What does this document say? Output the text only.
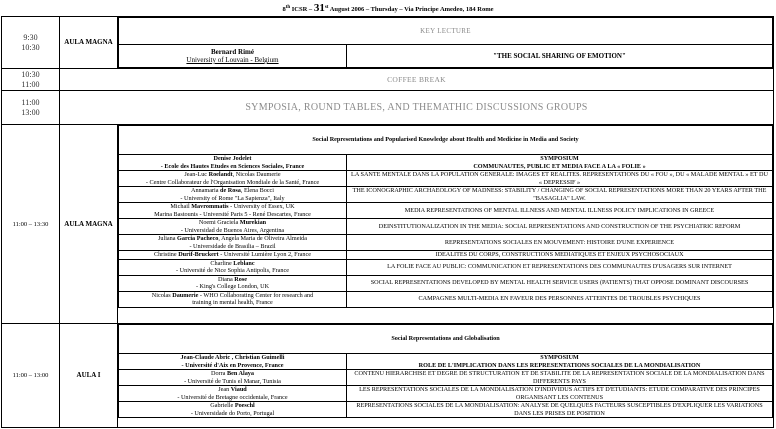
8th ICSR – 31st August 2006 – Thursday – Via Principe Amedeo, 184 Rome
9:30
10:30
	AULA MAGNA	
KEY LECTURE

Bernard Rimé
University of Louvain - Belgium
	"THE SOCIAL SHARING OF EMOTION"

10:30
11:00	COFFEE BREAK

11:00
13:00	SYMPOSIA, ROUND TABLES, AND THEMATHIC DISCUSSIONS GROUPS
11:00 – 13:30	AULA MAGNA	
Social Representations and Popularised Knowledge about Health and Medicine in Media and Society

Denise Jodelet
- Ecole des Hautes Etudes en Sciences Sociales, France

SYMPOSIUM
COMMUNAUTES, PUBLIC ET MEDIA FACE A LA « FOLIE »

Jean-Luc Roelandt, Nicolas Daumerie
- Centre Collaborateur de l'Organisation Mondiale de la Santé, France
	LA SANTE MENTALE DANS LA POPULATION GENERALE: IMAGES ET REALITES. REPRESENTATIONS DU « FOU », DU « MALADE MENTAL » ET DU « DEPRESSIF »

Annamaria de Rosa, Elena Bocci
- University of Rome "La Sapienza", Italy
	THE ICONOGRAPHIC ARCHAEOLOGY OF MADNESS: STABILITY / CHANGING OF SOCIAL REPRESENTATIONS MORE THAN 20 YEARS AFTER THE "BASAGLIA" LAW.

Michail Mavrommatis - University of Essex, UK
Marina Bastounis - Université Paris 5 - René Descartes, France
	MEDIA REPRESENTATIONS OF MENTAL ILLNESS AND MENTAL ILLNESS POLICY IMPLICATIONS IN GREECE

Noemi Graciela Murekian
- Universidad de Buenos Aires, Argentina
	DEINSTITUTIONALIZATION IN THE MEDIA: SOCIAL REPRESENTATIONS AND CONSTRUCTION OF THE PSYCHIATRIC REFORM

Juliana Garcia Pacheco, Angela Maria de Oliveira Almeida
- Universidade de Brasilia – Brazil
	REPRESENTATIONS SOCIALES EN MOUVEMENT: HISTOIRE D'UNE EXPERIENCE

Christine Durif-Bruckert - Université Lumière Lyon 2, France	IDEALITES DU CORPS, CONSTRUCTIONS MEDIATIQUES ET ENJEUX PSYCHOSOCIAUX

Charline Leblanc
- Université de Nice Sophia Antipolis, France
	LA FOLIE FACE AU PUBLIC: COMMUNICATION ET REPRESENTATIONS DES COMMUNAUTES D'USAGERS SUR INTERNET

Diana Rose
- King's College London, UK
	SOCIAL REPRESENTATIONS DEVELOPED BY MENTAL HEALTH SERVICE USERS (PATIENTS) THAT OPPOSE DOMINANT DISCOURSES

Nicolas Daumerie - WHO Collaborating Center for research and
training in mental health, France
	CAMPAGNES MULTI-MEDIA EN FAVEUR DES PERSONNES ATTEINTES DE TROUBLES PSYCHIQUES

11:00 – 13:00	AULA I	
Social Representations and Globalisation

Jean-Claude Abric , Christian Guimelli
- Université d'Aix en Provence, France

SYMPOSIUM
ROLE DE L'IMPLICATION DANS LES REPRESENTATIONS SOCIALES DE LA MONDIALISATION

Dorra Ben Alaya
- Université de Tunis el Manar, Tunisia
	CONTENU HIERARCHISE ET DEGRE DE STRUCTURATION ET DE STABILITE DE LA REPRESENTATION SOCIALE DE LA MONDIALISATION DANS DIFFERENTS PAYS

Jean Viaud
- Université de Bretagne occidentale, France
	LES REPRESENTATIONS SOCIALES DE LA MONDIALISATION D'INDIVIDUS ACTIFS ET D'ETUDIANTS: ETUDE COMPARATIVE DES PRINCIPES ORGANISANT LES CONTENUS

Gabrielle Poeschl
- Universidade do Porto, Portugal
	REPRESENTATIONS SOCIALES DE LA MONDIALISATION: ANALYSE DE QUELQUES FACTEURS SUSCEPTIBLES D'EXPLIQUER LES VARIATIONS DANS LES PRISES DE POSITION
